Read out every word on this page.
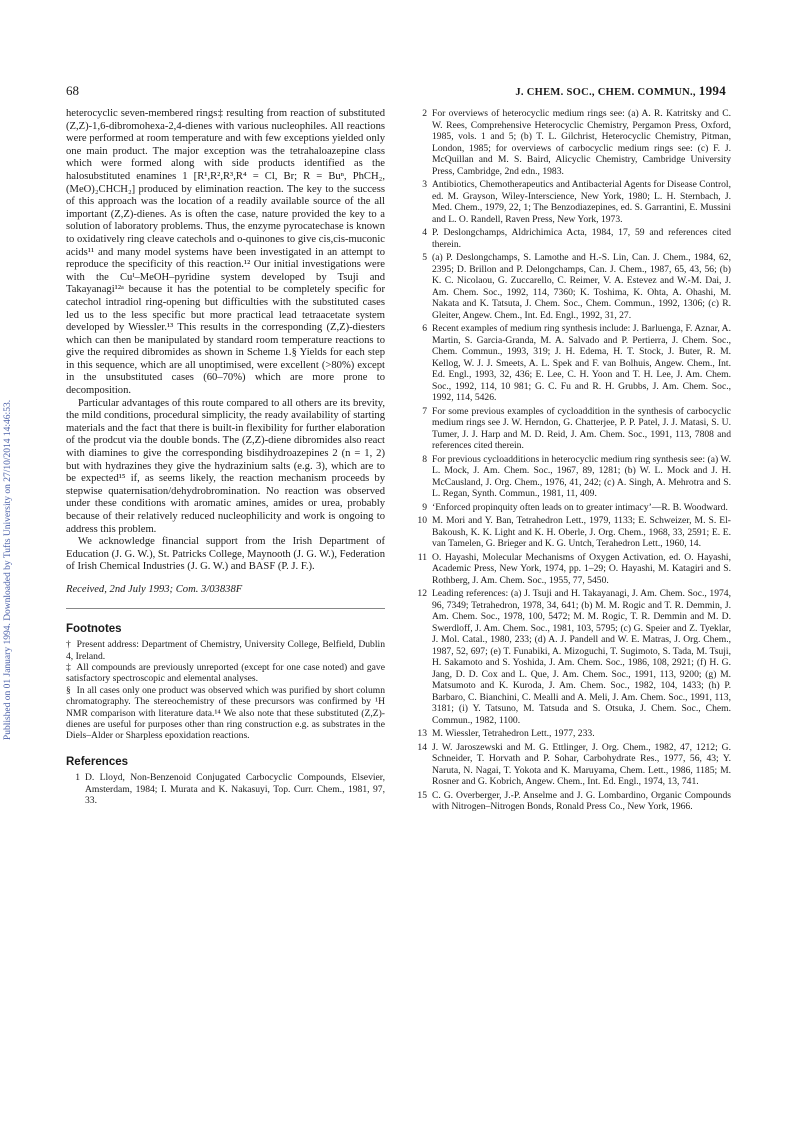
68	J. CHEM. SOC., CHEM. COMMUN., 1994
Published on 01 January 1994. Downloaded by Tufts University on 27/10/2014 14:46:53.

heterocyclic seven-membered rings‡ resulting from reaction of substituted (Z,Z)-1,6-dibromohexa-2,4-dienes with various nucleophiles. All reactions were performed at room temperature and with few exceptions yielded only one main product. The major exception was the tetrahaloazepine class which were formed along with side products identified as the halosubstituted enamines 1 [R¹,R²,R³,R⁴ = Cl, Br; R = Buⁿ, PhCH₂, (MeO)₂CHCH₂] produced by elimination reaction. The key to the success of this approach was the location of a readily available source of the all important (Z,Z)-dienes. As is often the case, nature provided the key to a solution of laboratory problems. Thus, the enzyme pyrocatechase is known to oxidatively ring cleave catechols and o-quinones to give cis,cis-muconic acids¹¹ and many model systems have been investigated in an attempt to reproduce the specificity of this reaction.¹² Our initial investigations were with the Cuᴵ–MeOH–pyridine system developed by Tsuji and Takayanagi¹²ᵃ because it has the potential to be completely specific for catechol intradiol ring-opening but difficulties with the substituted cases led us to the less specific but more practical lead tetraacetate system developed by Wiessler.¹³ This results in the corresponding (Z,Z)-diesters which can then be manipulated by standard room temperature reactions to give the required dibromides as shown in Scheme 1.§ Yields for each step in this sequence, which are all unoptimised, were excellent (>80%) except in the unsubstituted cases (60–70%) which are more prone to decomposition.

Particular advantages of this route compared to all others are its brevity, the mild conditions, procedural simplicity, the ready availability of starting materials and the fact that there is built-in flexibility for further elaboration of the prodcut via the double bonds. The (Z,Z)-diene dibromides also react with diamines to give the corresponding bisdihydroazepines 2 (n = 1, 2) but with hydrazines they give the hydrazinium salts (e.g. 3), which are to be expected¹⁵ if, as seems likely, the reaction mechanism proceeds by stepwise quaternisation/dehydrobromination. No reaction was observed under these conditions with aromatic amines, amides or urea, probably because of their relatively reduced nucleophilicity and work is ongoing to address this problem.

We acknowledge financial support from the Irish Department of Education (J. G. W.), St. Patricks College, Maynooth (J. G. W.), Federation of Irish Chemical Industries (J. G. W.) and BASF (P. J. F.).

Received, 2nd July 1993; Com. 3/03838F

Footnotes

† Present address: Department of Chemistry, University College, Belfield, Dublin 4, Ireland.

‡ All compounds are previously unreported (except for one case noted) and gave satisfactory spectroscopic and elemental analyses.

§ In all cases only one product was observed which was purified by short column chromatography. The stereochemistry of these precursors was confirmed by ¹H NMR comparison with literature data.¹⁴ We also note that these substituted (Z,Z)-dienes are useful for purposes other than ring construction e.g. as substrates in the Diels–Alder or Sharpless epoxidation reactions.

References
1 D. Lloyd, Non-Benzenoid Conjugated Carbocyclic Compounds, Elsevier, Amsterdam, 1984; I. Murata and K. Nakasuyi, Top. Curr. Chem., 1981, 97, 33.
2 For overviews of heterocyclic medium rings see: (a) A. R. Katritsky and C. W. Rees, Comprehensive Heterocyclic Chemistry, Pergamon Press, Oxford, 1985, vols. 1 and 5; (b) T. L. Gilchrist, Heterocyclic Chemistry, Pitman, London, 1985; for overviews of carbocyclic medium rings see: (c) F. J. McQuillan and M. S. Baird, Alicyclic Chemistry, Cambridge University Press, Cambridge, 2nd edn., 1983.
3 Antibiotics, Chemotherapeutics and Antibacterial Agents for Disease Control, ed. M. Grayson, Wiley-Interscience, New York, 1980; L. H. Sternbach, J. Med. Chem., 1979, 22, 1; The Benzodiazepines, ed. S. Garrantini, E. Mussini and L. O. Randell, Raven Press, New York, 1973.
4 P. Deslongchamps, Aldrichimica Acta, 1984, 17, 59 and references cited therein.
5 (a) P. Deslongchamps, S. Lamothe and H.-S. Lin, Can. J. Chem., 1984, 62, 2395; D. Brillon and P. Delongchamps, Can. J. Chem., 1987, 65, 43, 56; (b) K. C. Nicolaou, G. Zuccarello, C. Reimer, V. A. Estevez and W.-M. Dai, J. Am. Chem. Soc., 1992, 114, 7360; K. Toshima, K. Ohta, A. Ohashi, M. Nakata and K. Tatsuta, J. Chem. Soc., Chem. Commun., 1992, 1306; (c) R. Gleiter, Angew. Chem., Int. Ed. Engl., 1992, 31, 27.
6 Recent examples of medium ring synthesis include: J. Barluenga, F. Aznar, A. Martin, S. Garcia-Granda, M. A. Salvado and P. Pertierra, J. Chem. Soc., Chem. Commun., 1993, 319; J. H. Edema, H. T. Stock, J. Buter, R. M. Kellog, W. J. J. Smeets, A. L. Spek and F. van Bolhuis, Angew. Chem., Int. Ed. Engl., 1993, 32, 436; E. Lee, C. H. Yoon and T. H. Lee, J. Am. Chem. Soc., 1992, 114, 10 981; G. C. Fu and R. H. Grubbs, J. Am. Chem. Soc., 1992, 114, 5426.
7 For some previous examples of cycloaddition in the synthesis of carbocyclic medium rings see J. W. Herndon, G. Chatterjee, P. P. Patel, J. J. Matasi, S. U. Tumer, J. J. Harp and M. D. Reid, J. Am. Chem. Soc., 1991, 113, 7808 and references cited therein.
8 For previous cycloadditions in heterocyclic medium ring synthesis see: (a) W. L. Mock, J. Am. Chem. Soc., 1967, 89, 1281; (b) W. L. Mock and J. H. McCausland, J. Org. Chem., 1976, 41, 242; (c) A. Singh, A. Mehrotra and S. L. Regan, Synth. Commun., 1981, 11, 409.
9 ‘Enforced propinquity often leads on to greater intimacy’—R. B. Woodward.
10 M. Mori and Y. Ban, Tetrahedron Lett., 1979, 1133; E. Schweizer, M. S. El-Bakoush, K. K. Light and K. H. Oberle, J. Org. Chem., 1968, 33, 2591; E. E. van Tamelen, G. Brieger and K. G. Untch, Terahedron Lett., 1960, 14.
11 O. Hayashi, Molecular Mechanisms of Oxygen Activation, ed. O. Hayashi, Academic Press, New York, 1974, pp. 1–29; O. Hayashi, M. Katagiri and S. Rothberg, J. Am. Chem. Soc., 1955, 77, 5450.
12 Leading references: (a) J. Tsuji and H. Takayanagi, J. Am. Chem. Soc., 1974, 96, 7349; Tetrahedron, 1978, 34, 641; (b) M. M. Rogic and T. R. Demmin, J. Am. Chem. Soc., 1978, 100, 5472; M. M. Rogic, T. R. Demmin and M. D. Swerdloff, J. Am. Chem. Soc., 1981, 103, 5795; (c) G. Speier and Z. Tyeklar, J. Mol. Catal., 1980, 233; (d) A. J. Pandell and W. E. Matras, J. Org. Chem., 1987, 52, 697; (e) T. Funabiki, A. Mizoguchi, T. Sugimoto, S. Tada, M. Tsuji, H. Sakamoto and S. Yoshida, J. Am. Chem. Soc., 1986, 108, 2921; (f) H. G. Jang, D. D. Cox and L. Que, J. Am. Chem. Soc., 1991, 113, 9200; (g) M. Matsumoto and K. Kuroda, J. Am. Chem. Soc., 1982, 104, 1433; (h) P. Barbaro, C. Bianchini, C. Mealli and A. Meli, J. Am. Chem. Soc., 1991, 113, 3181; (i) Y. Tatsuno, M. Tatsuda and S. Otsuka, J. Chem. Soc., Chem. Commun., 1982, 1100.
13 M. Wiessler, Tetrahedron Lett., 1977, 233.
14 J. W. Jaroszewski and M. G. Ettlinger, J. Org. Chem., 1982, 47, 1212; G. Schneider, T. Horvath and P. Sohar, Carbohydrate Res., 1977, 56, 43; Y. Naruta, N. Nagai, T. Yokota and K. Maruyama, Chem. Lett., 1986, 1185; M. Rosner and G. Kobrich, Angew. Chem., Int. Ed. Engl., 1974, 13, 741.
15 C. G. Overberger, J.-P. Anselme and J. G. Lombardino, Organic Compounds with Nitrogen–Nitrogen Bonds, Ronald Press Co., New York, 1966.
